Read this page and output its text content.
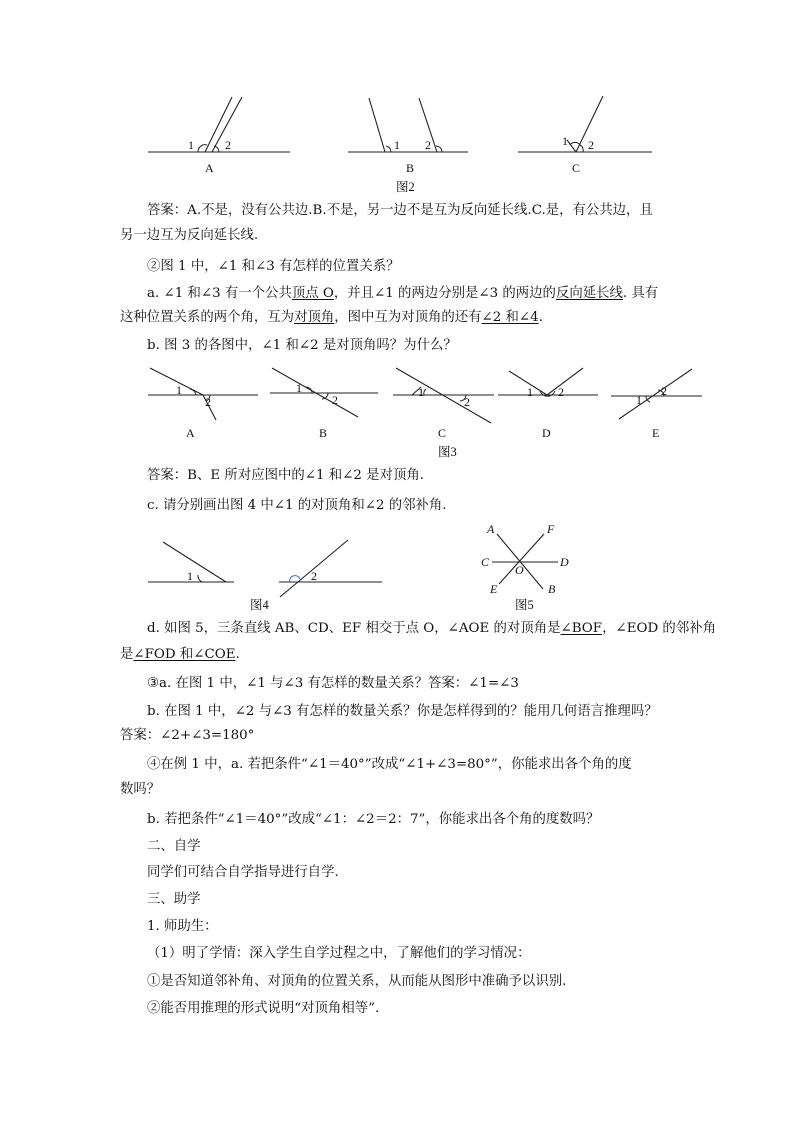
1	2
A
1 2
B
1 2
C
图2
1
2
A
1
2
B
1
2
C
1 2
D
1
2
E
图3
1	2
图4
A	F
C	D
O
E	B
图5
答案：A.不是，没有公共边.B.不是，另一边不是互为反向延长线.C.是，有公共边，且
另一边互为反向延长线.
②图 1 中，∠1 和∠3 有怎样的位置关系？
a. ∠1 和∠3 有一个公共顶点 O，并且∠1 的两边分别是∠3 的两边的反向延长线. 具有
这种位置关系的两个角，互为对顶角，图中互为对顶角的还有∠2 和∠4.
b. 图 3 的各图中，∠1 和∠2 是对顶角吗？为什么？
答案：B、E 所对应图中的∠1 和∠2 是对顶角.
c. 请分别画出图 4 中∠1 的对顶角和∠2 的邻补角.
d. 如图 5，三条直线 AB、CD、EF 相交于点 O，∠AOE 的对顶角是∠BOF，∠EOD 的邻补角
是∠FOD 和∠COE.
③a. 在图 1 中，∠1 与∠3 有怎样的数量关系？答案：∠1=∠3
b. 在图 1 中，∠2 与∠3 有怎样的数量关系？你是怎样得到的？能用几何语言推理吗？
答案：∠2+∠3=180°
④在例 1 中，a. 若把条件“∠1＝40°”改成“∠1+∠3=80°”，你能求出各个角的度
数吗？
b. 若把条件“∠1＝40°”改成“∠1：∠2＝2：7”，你能求出各个角的度数吗？
二、自学
同学们可结合自学指导进行自学.
三、助学
1. 师助生：
（1）明了学情：深入学生自学过程之中，了解他们的学习情况：
①是否知道邻补角、对顶角的位置关系，从而能从图形中准确予以识别.
②能否用推理的形式说明“对顶角相等”.
